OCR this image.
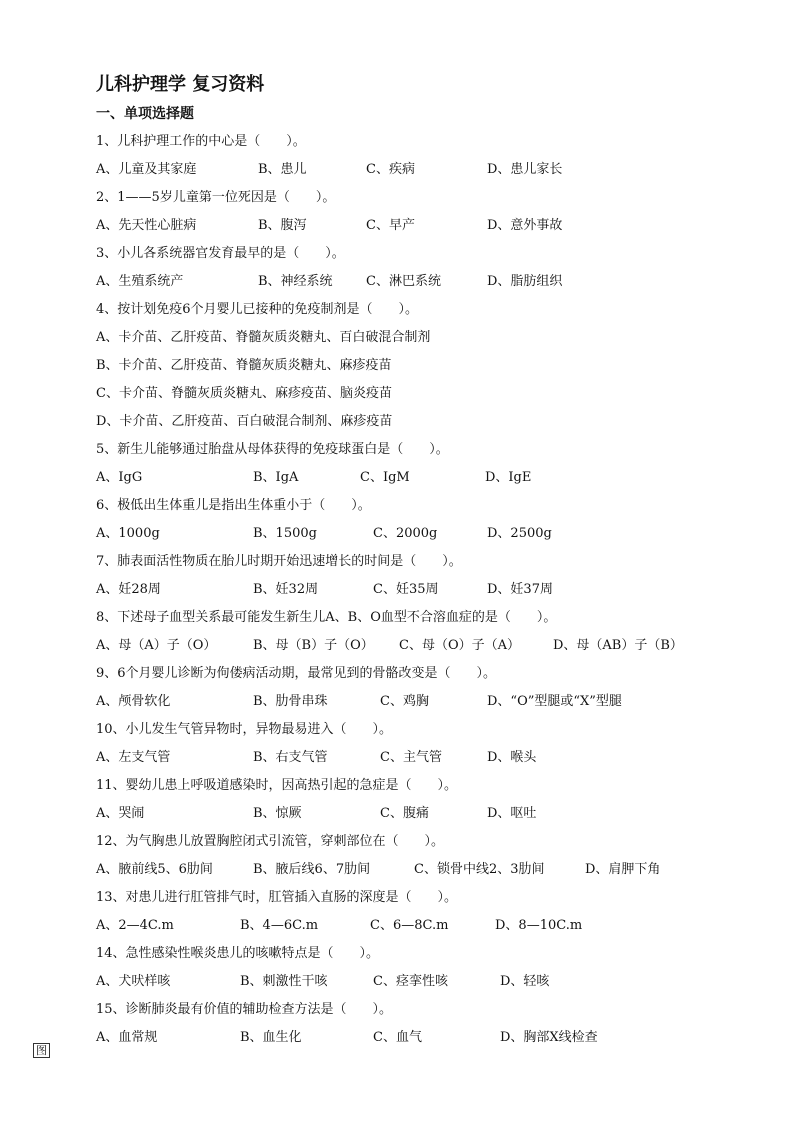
儿科护理学 复习资料
一、单项选择题
1、儿科护理工作的中心是（　　）。
A、儿童及其家庭	B、患儿	C、疾病	D、患儿家长
2、1——5岁儿童第一位死因是（　　）。
A、先天性心脏病	B、腹泻	C、早产	D、意外事故
3、小儿各系统器官发育最早的是（　　）。
A、生殖系统产	B、神经系统	C、淋巴系统	D、脂肪组织
4、按计划免疫6个月婴儿已接种的免疫制剂是（　　）。
A、卡介苗、乙肝疫苗、脊髓灰质炎糖丸、百白破混合制剂
B、卡介苗、乙肝疫苗、脊髓灰质炎糖丸、麻疹疫苗
C、卡介苗、脊髓灰质炎糖丸、麻疹疫苗、脑炎疫苗
D、卡介苗、乙肝疫苗、百白破混合制剂、麻疹疫苗
5、新生儿能够通过胎盘从母体获得的免疫球蛋白是（　　）。
A、IgG	B、IgA	C、IgM	D、IgE
6、极低出生体重儿是指出生体重小于（　　）。
A、1000g	B、1500g	C、2000g	D、2500g
7、肺表面活性物质在胎儿时期开始迅速增长的时间是（　　）。
A、妊28周	B、妊32周	C、妊35周	D、妊37周
8、下述母子血型关系最可能发生新生儿A、B、O血型不合溶血症的是（　　）。
A、母（A）子（O）	B、母（B）子（O） C、母（O）子（A）	D、母（AB）子（B）
9、6个月婴儿诊断为佝偻病活动期，最常见到的骨骼改变是（　　）。
A、颅骨软化	B、肋骨串珠	C、鸡胸	D、“O”型腿或“X”型腿
10、小儿发生气管异物时，异物最易进入（　　）。
A、左支气管	B、右支气管	C、主气管	D、喉头
11、婴幼儿患上呼吸道感染时，因高热引起的急症是（　　）。
A、哭闹	B、惊厥	C、腹痛	D、呕吐
12、为气胸患儿放置胸腔闭式引流管，穿刺部位在（　　）。
A、腋前线5、6肋间	B、腋后线6、7肋间	C、锁骨中线2、3肋间	D、肩胛下角
13、对患儿进行肛管排气时，肛管插入直肠的深度是（　　）。
A、2—4C.m	B、4—6C.m	C、6—8C.m	D、8—10C.m
14、急性感染性喉炎患儿的咳嗽特点是（　　）。
A、犬吠样咳	B、刺激性干咳	C、痉挛性咳	D、轻咳
15、诊断肺炎最有价值的辅助检查方法是（　　）。
A、血常规	B、血生化	C、血气	D、胸部X线检查
图
